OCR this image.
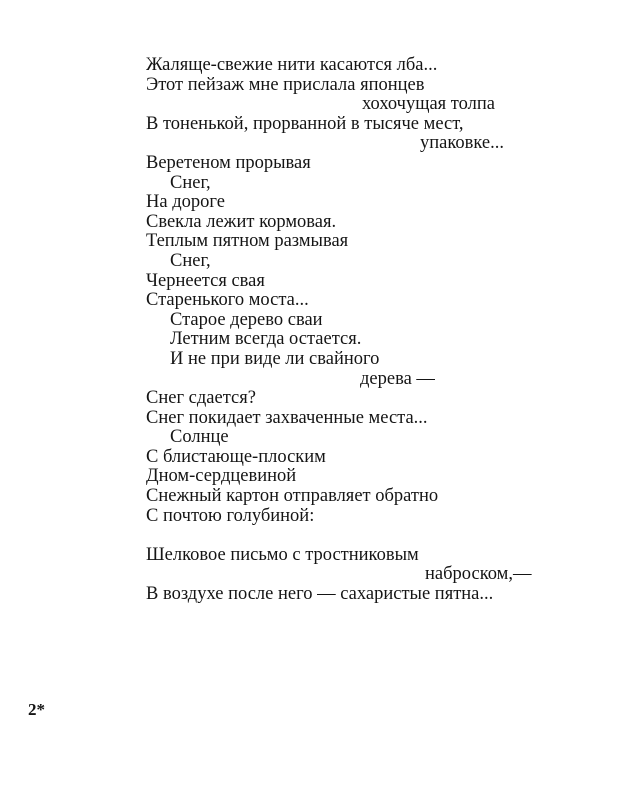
Жаляще-свежие нити касаются лба...
Этот пейзаж мне прислала японцев
хохочущая толпа
В тоненькой, прорванной в тысяче мест,
упаковке...
Веретеном прорывая
Снег,
На дороге
Свекла лежит кормовая.
Теплым пятном размывая
Снег,
Чернеется свая
Старенького моста...
Старое дерево сваи
Летним всегда остается.
И не при виде ли свайного
дерева —
Снег сдается?
Снег покидает захваченные места...
Солнце
С блистающе-плоским
Дном-сердцевиной
Снежный картон отправляет обратно
С почтою голубиной:
Шелковое письмо с тростниковым
наброском,—
В воздухе после него — сахаристые пятна...
2*
